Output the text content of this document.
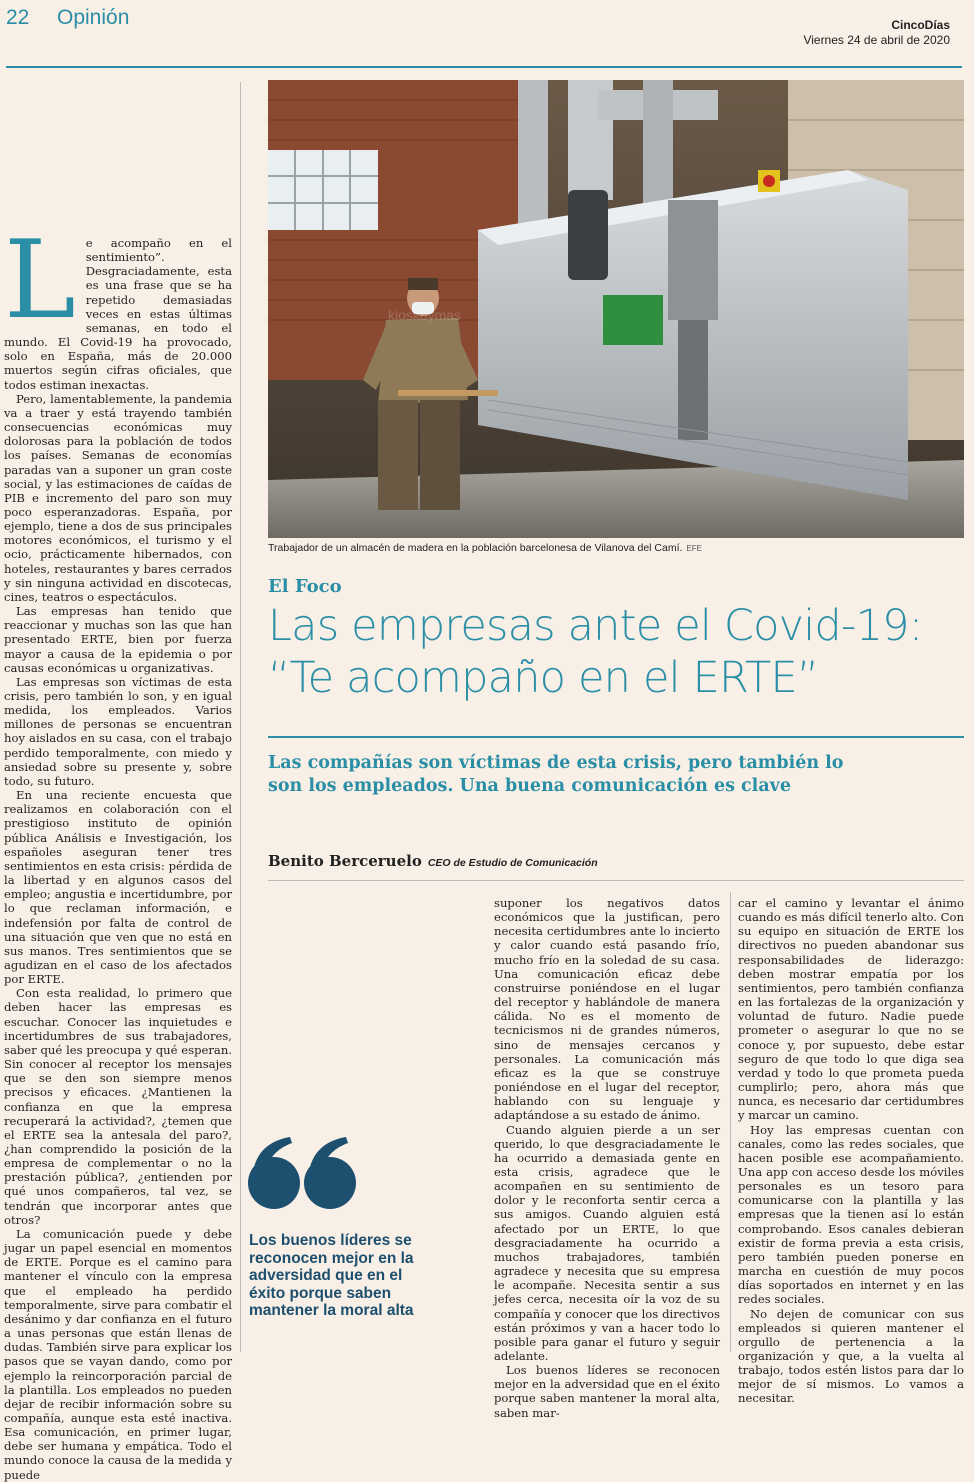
22 Opinión	CincoDías
Viernes 24 de abril de 2020

Le acompaño en el sentimiento”. Desgraciadamente, esta es una frase que se ha repetido demasiadas veces en estas últimas semanas, en todo el mundo. El Covid-19 ha provocado, solo en España, más de 20.000 muertos según cifras oficiales, que todos estiman inexactas.

Pero, lamentablemente, la pandemia va a traer y está trayendo también consecuencias económicas muy dolorosas para la población de todos los países. Semanas de economías paradas van a suponer un gran coste social, y las estimaciones de caídas de PIB e incremento del paro son muy poco esperanzadoras. España, por ejemplo, tiene a dos de sus principales motores económicos, el turismo y el ocio, prácticamente hibernados, con hoteles, restaurantes y bares cerrados y sin ninguna actividad en discotecas, cines, teatros o espectáculos.

Las empresas han tenido que reaccionar y muchas son las que han presentado ERTE, bien por fuerza mayor a causa de la epidemia o por causas económicas u organizativas.

Las empresas son víctimas de esta crisis, pero también lo son, y en igual medida, los empleados. Varios millones de personas se encuentran hoy aislados en su casa, con el trabajo perdido temporalmente, con miedo y ansiedad sobre su presente y, sobre todo, su futuro.

En una reciente encuesta que realizamos en colaboración con el prestigioso instituto de opinión pública Análisis e Investigación, los españoles aseguran tener tres sentimientos en esta crisis: pérdida de la libertad y en algunos casos del empleo; angustia e incertidumbre, por lo que reclaman información, e indefensión por falta de control de una situación que ven que no está en sus manos. Tres sentimientos que se agudizan en el caso de los afectados por ERTE.

Con esta realidad, lo primero que deben hacer las empresas es escuchar. Conocer las inquietudes e incertidumbres de sus trabajadores, saber qué les preocupa y qué esperan. Sin conocer al receptor los mensajes que se den son siempre menos precisos y eficaces. ¿Mantienen la confianza en que la empresa recuperará la actividad?, ¿temen que el ERTE sea la antesala del paro?, ¿han comprendido la posición de la empresa de complementar o no la prestación pública?, ¿entienden por qué unos compañeros, tal vez, se tendrán que incorporar antes que otros?

La comunicación puede y debe jugar un papel esencial en momentos de ERTE. Porque es el camino para mantener el vínculo con la empresa que el empleado ha perdido temporalmente, sirve para combatir el desánimo y dar confianza en el futuro a unas personas que están llenas de dudas. También sirve para explicar los pasos que se vayan dando, como por ejemplo la reincorporación parcial de la plantilla. Los empleados no pueden dejar de recibir información sobre su compañía, aunque esta esté inactiva. Esa comunicación, en primer lugar, debe ser humana y empática. Todo el mundo conoce la causa de la medida y puede

kioskoymas
Trabajador de un almacén de madera en la población barcelonesa de Vilanova del Camí. EFE
El Foco
Las empresas ante el Covid-19:
“Te acompaño en el ERTE”
Las compañías son víctimas de esta crisis, pero también lo son los empleados. Una buena comunicación es clave
Benito Berceruelo CEO de Estudio de Comunicación
Los buenos líderes se reconocen mejor en la adversidad que en el éxito porque saben mantener la moral alta

suponer los negativos datos económicos que la justifican, pero necesita certidumbres ante lo incierto y calor cuando está pasando frío, mucho frío en la soledad de su casa. Una comunicación eficaz debe construirse poniéndose en el lugar del receptor y hablándole de manera cálida. No es el momento de tecnicismos ni de grandes números, sino de mensajes cercanos y personales. La comunicación más eficaz es la que se construye poniéndose en el lugar del receptor, hablando con su lenguaje y adaptándose a su estado de ánimo.

Cuando alguien pierde a un ser querido, lo que desgraciadamente le ha ocurrido a demasiada gente en esta crisis, agradece que le acompañen en su sentimiento de dolor y le reconforta sentir cerca a sus amigos. Cuando alguien está afectado por un ERTE, lo que desgraciadamente ha ocurrido a muchos trabajadores, también agradece y necesita que su empresa le acompañe. Necesita sentir a sus jefes cerca, necesita oír la voz de su compañía y conocer que los directivos están próximos y van a hacer todo lo posible para ganar el futuro y seguir adelante.

Los buenos líderes se reconocen mejor en la adversidad que en el éxito porque saben mantener la moral alta, saben mar-

car el camino y levantar el ánimo cuando es más difícil tenerlo alto. Con su equipo en situación de ERTE los directivos no pueden abandonar sus responsabilidades de liderazgo: deben mostrar empatía por los sentimientos, pero también confianza en las fortalezas de la organización y voluntad de futuro. Nadie puede prometer o asegurar lo que no se conoce y, por supuesto, debe estar seguro de que todo lo que diga sea verdad y todo lo que prometa pueda cumplirlo; pero, ahora más que nunca, es necesario dar certidumbres y marcar un camino.

Hoy las empresas cuentan con canales, como las redes sociales, que hacen posible ese acompañamiento. Una app con acceso desde los móviles personales es un tesoro para comunicarse con la plantilla y las empresas que la tienen así lo están comprobando. Esos canales debieran existir de forma previa a esta crisis, pero también pueden ponerse en marcha en cuestión de muy pocos días soportados en internet y en las redes sociales.

No dejen de comunicar con sus empleados si quieren mantener el orgullo de pertenencia a la organización y que, a la vuelta al trabajo, todos estén listos para dar lo mejor de sí mismos. Lo vamos a necesitar.
